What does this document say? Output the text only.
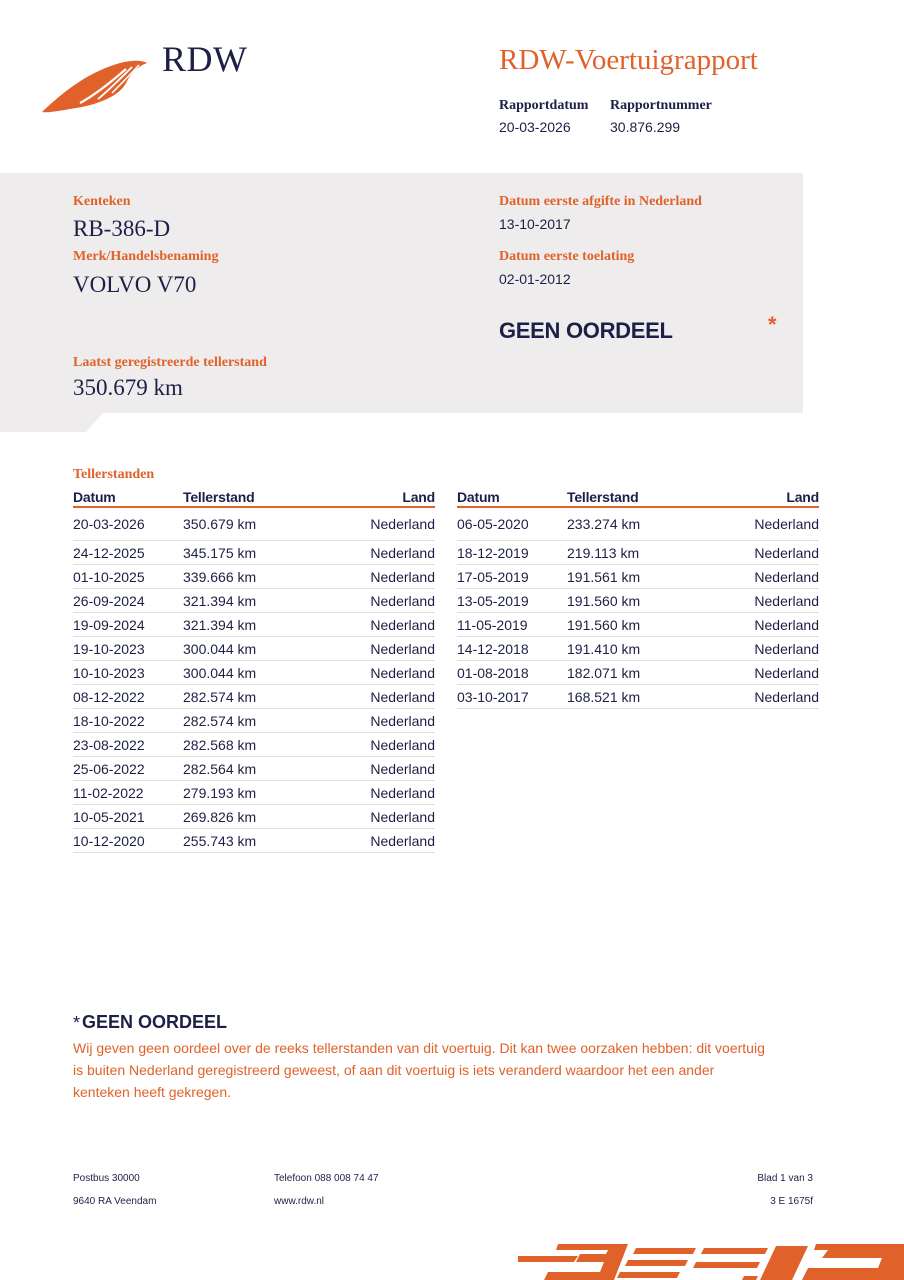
RDW	RDW-Voertuigrapport
Rapportdatum
20-03-2026
Rapportnummer
30.876.299
Kenteken
RB-386-D
Merk/Handelsbenaming
VOLVO V70
Laatst geregistreerde tellerstand
350.679 km
Datum eerste afgifte in Nederland
13-10-2017
Datum eerste toelating
02-01-2012
GEEN OORDEEL	*
Tellerstanden
Datum	Tellerstand	Land
20-03-2026	350.679 km	Nederland
24-12-2025	345.175 km	Nederland
01-10-2025	339.666 km	Nederland
26-09-2024	321.394 km	Nederland
19-09-2024	321.394 km	Nederland
19-10-2023	300.044 km	Nederland
10-10-2023	300.044 km	Nederland
08-12-2022	282.574 km	Nederland
18-10-2022	282.574 km	Nederland
23-08-2022	282.568 km	Nederland
25-06-2022	282.564 km	Nederland
11-02-2022	279.193 km	Nederland
10-05-2021	269.826 km	Nederland
10-12-2020	255.743 km	Nederland
Datum	Tellerstand	Land
06-05-2020	233.274 km	Nederland
18-12-2019	219.113 km	Nederland
17-05-2019	191.561 km	Nederland
13-05-2019	191.560 km	Nederland
11-05-2019	191.560 km	Nederland
14-12-2018	191.410 km	Nederland
01-08-2018	182.071 km	Nederland
03-10-2017	168.521 km	Nederland
* GEEN OORDEEL
Wij geven geen oordeel over de reeks tellerstanden van dit voertuig. Dit kan twee oorzaken hebben: dit voertuig is buiten Nederland geregistreerd geweest, of aan dit voertuig is iets veranderd waardoor het een ander kenteken heeft gekregen.
Postbus 30000
9640 RA Veendam
Telefoon 088 008 74 47
www.rdw.nl
Blad 1 van 3
3 E 1675f
